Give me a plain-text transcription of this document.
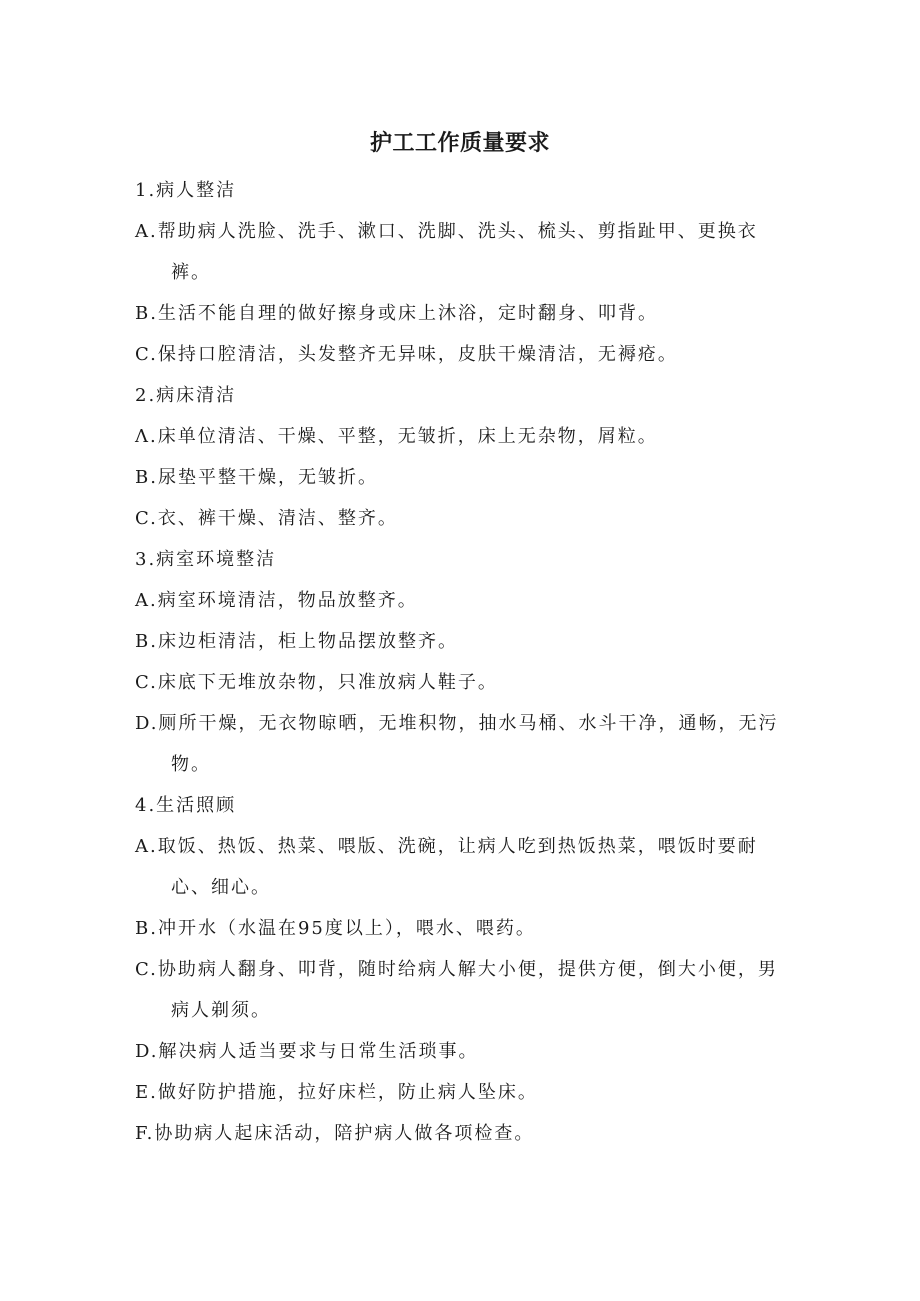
护工工作质量要求
1.病人整洁
A.帮助病人洗脸、洗手、漱口、洗脚、洗头、梳头、剪指趾甲、更换衣
裤。
B.生活不能自理的做好擦身或床上沐浴，定时翻身、叩背。
C.保持口腔清洁，头发整齐无异味，皮肤干燥清洁，无褥疮。
2.病床清洁
Λ.床单位清洁、干燥、平整，无皱折，床上无杂物，屑粒。
B.尿垫平整干燥，无皱折。
C.衣、裤干燥、清洁、整齐。
3.病室环境整洁
A.病室环境清洁，物品放整齐。
B.床边柜清洁，柜上物品摆放整齐。
C.床底下无堆放杂物，只准放病人鞋子。
D.厕所干燥，无衣物晾晒，无堆积物，抽水马桶、水斗干净，通畅，无污
物。
4.生活照顾
A.取饭、热饭、热菜、喂版、洗碗，让病人吃到热饭热菜，喂饭时要耐
心、细心。
B.冲开水（水温在95度以上），喂水、喂药。
C.协助病人翻身、叩背，随时给病人解大小便，提供方便，倒大小便，男
病人剃须。
D.解决病人适当要求与日常生活琐事。
E.做好防护措施，拉好床栏，防止病人坠床。
F.协助病人起床活动，陪护病人做各项检查。
